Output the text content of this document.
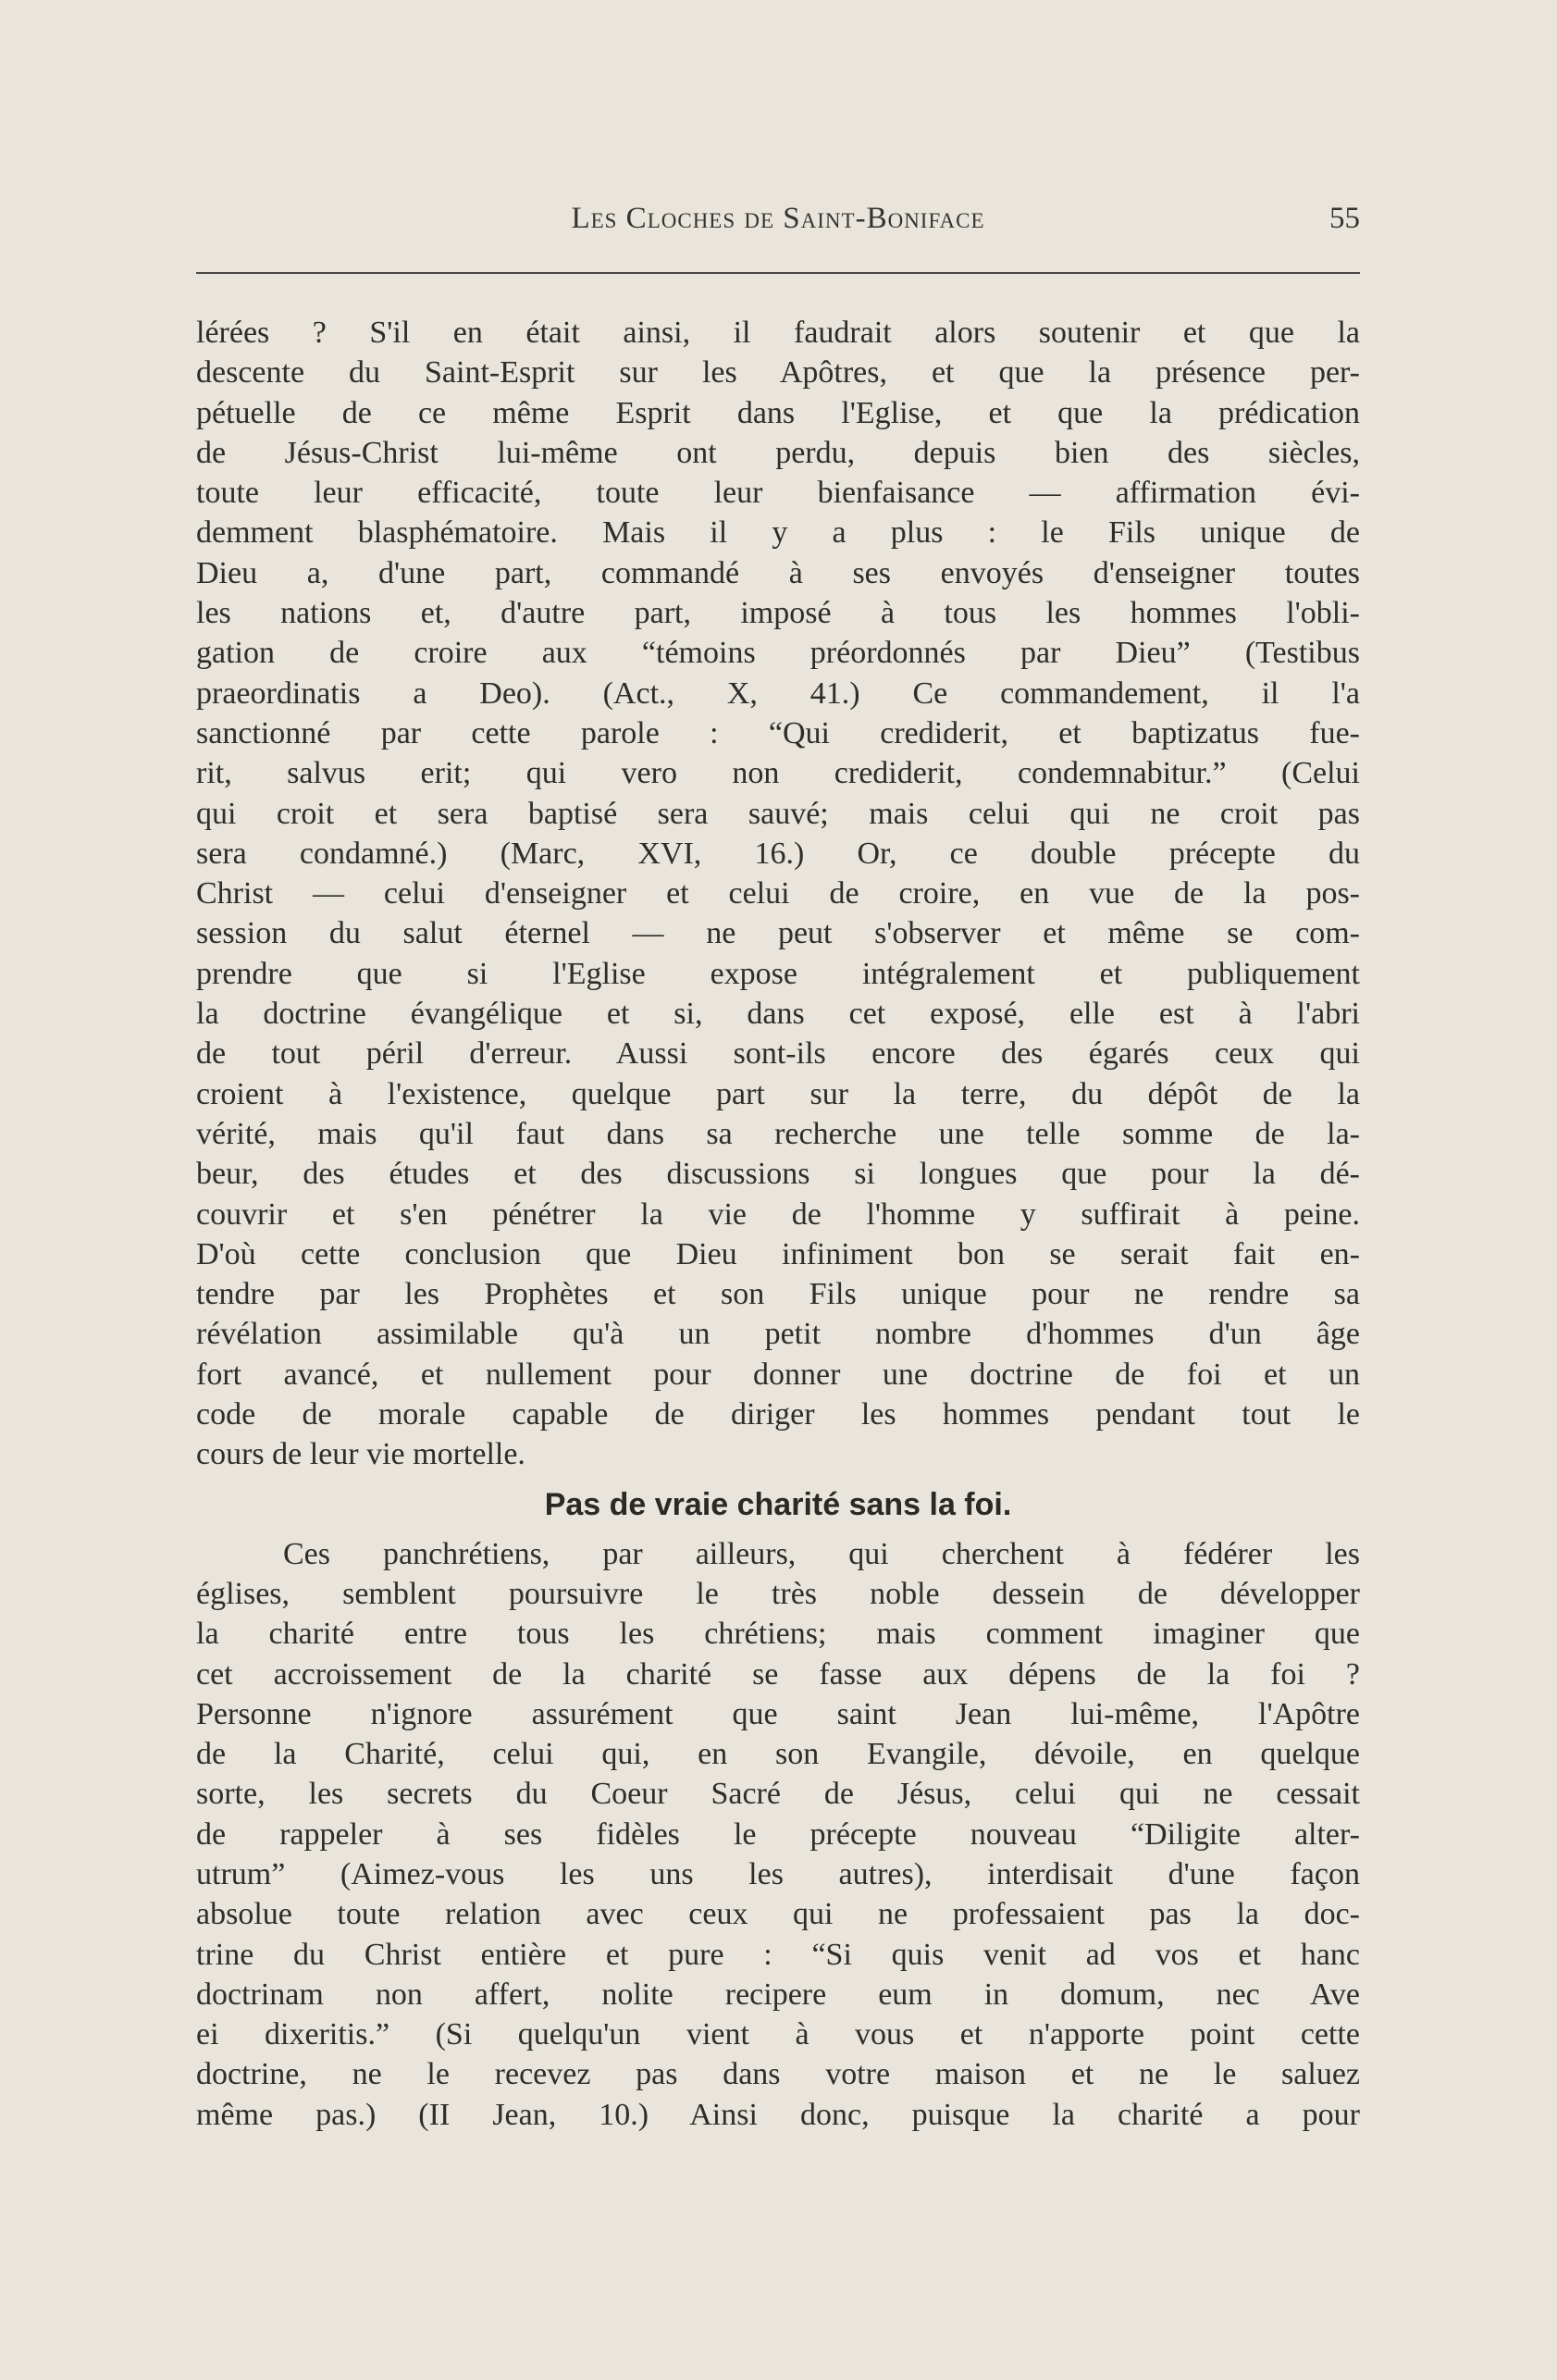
Les Cloches de Saint-Boniface	55
lérées ? S'il en était ainsi, il faudrait alors soutenir et que la
descente du Saint-Esprit sur les Apôtres, et que la présence per-
pétuelle de ce même Esprit dans l'Eglise, et que la prédication
de Jésus-Christ lui-même ont perdu, depuis bien des siècles,
toute leur efficacité, toute leur bienfaisance — affirmation évi-
demment blasphématoire. Mais il y a plus : le Fils unique de
Dieu a, d'une part, commandé à ses envoyés d'enseigner toutes
les nations et, d'autre part, imposé à tous les hommes l'obli-
gation de croire aux “témoins préordonnés par Dieu” (Testibus
praeordinatis a Deo). (Act., X, 41.) Ce commandement, il l'a
sanctionné par cette parole : “Qui crediderit, et baptizatus fue-
rit, salvus erit; qui vero non crediderit, condemnabitur.” (Celui
qui croit et sera baptisé sera sauvé; mais celui qui ne croit pas
sera condamné.) (Marc, XVI, 16.) Or, ce double précepte du
Christ — celui d'enseigner et celui de croire, en vue de la pos-
session du salut éternel — ne peut s'observer et même se com-
prendre que si l'Eglise expose intégralement et publiquement
la doctrine évangélique et si, dans cet exposé, elle est à l'abri
de tout péril d'erreur. Aussi sont-ils encore des égarés ceux qui
croient à l'existence, quelque part sur la terre, du dépôt de la
vérité, mais qu'il faut dans sa recherche une telle somme de la-
beur, des études et des discussions si longues que pour la dé-
couvrir et s'en pénétrer la vie de l'homme y suffirait à peine.
D'où cette conclusion que Dieu infiniment bon se serait fait en-
tendre par les Prophètes et son Fils unique pour ne rendre sa
révélation assimilable qu'à un petit nombre d'hommes d'un âge
fort avancé, et nullement pour donner une doctrine de foi et un
code de morale capable de diriger les hommes pendant tout le
cours de leur vie mortelle.
Pas de vraie charité sans la foi.
Ces panchrétiens, par ailleurs, qui cherchent à fédérer les
églises, semblent poursuivre le très noble dessein de développer
la charité entre tous les chrétiens; mais comment imaginer que
cet accroissement de la charité se fasse aux dépens de la foi ?
Personne n'ignore assurément que saint Jean lui-même, l'Apôtre
de la Charité, celui qui, en son Evangile, dévoile, en quelque
sorte, les secrets du Coeur Sacré de Jésus, celui qui ne cessait
de rappeler à ses fidèles le précepte nouveau “Diligite alter-
utrum” (Aimez-vous les uns les autres), interdisait d'une façon
absolue toute relation avec ceux qui ne professaient pas la doc-
trine du Christ entière et pure : “Si quis venit ad vos et hanc
doctrinam non affert, nolite recipere eum in domum, nec Ave
ei dixeritis.” (Si quelqu'un vient à vous et n'apporte point cette
doctrine, ne le recevez pas dans votre maison et ne le saluez
même pas.) (II Jean, 10.) Ainsi donc, puisque la charité a pour
